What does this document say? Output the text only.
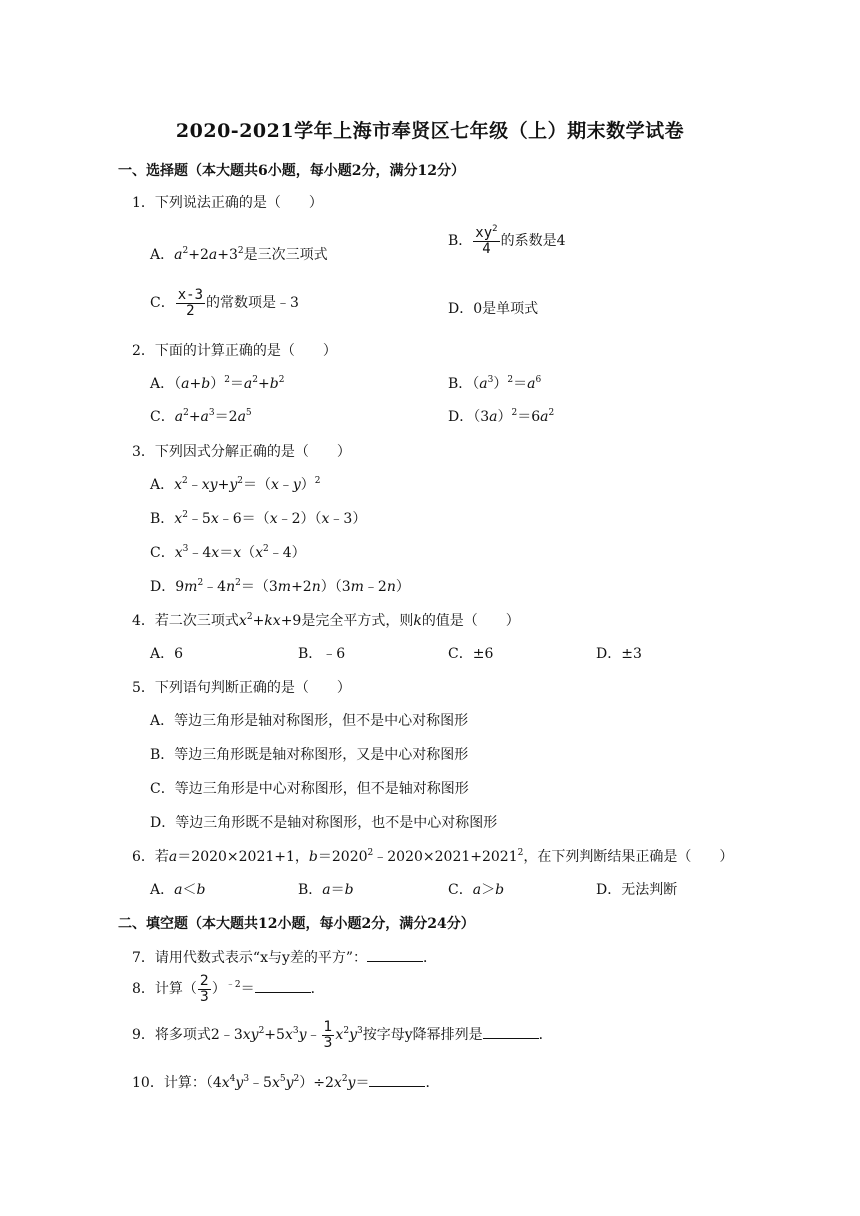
2020-2021学年上海市奉贤区七年级（上）期末数学试卷
一、选择题（本大题共6小题，每小题2分，满分12分）
1．下列说法正确的是（　　）
A．$a^2+2a+3^2$是三次三项式
B． $\frac{xy^2}{4}$ 的系数是4
C． $\frac{x-3}{2}$ 的常数项是﹣3	D．0是单项式
2．下面的计算正确的是（　　）
A．$(a+b)^2=a^2+b^2$	B．$(a^3)^2=a^6$
C．$a^2+a^3=2a^5$	D．$(3a)^2=6a^2$
3．下列因式分解正确的是（　　）
A．$x^2﹣xy+y^2=(x﹣y)^2$
B．$x^2﹣5x﹣6=(x﹣2)(x﹣3)$
C．$x^3﹣4x=x(x^2﹣4)$
D．$9m^2﹣4n^2=(3m+2n)(3m﹣2n)$
4．若二次三项式$x^2+kx+9$是完全平方式，则k的值是（　　）
A．6	B．﹣6	C．±6	D．±3
5．下列语句判断正确的是（　　）
A．等边三角形是轴对称图形，但不是中心对称图形
B．等边三角形既是轴对称图形，又是中心对称图形
C．等边三角形是中心对称图形，但不是轴对称图形
D．等边三角形既不是轴对称图形，也不是中心对称图形
6．若a＝2020×2021+1，$b=2020^2﹣2020\times 2021+2021^2$，在下列判断结果正确是（　　）
A．a＜b	B．a＝b	C．a＞b	D．无法判断
二、填空题（本大题共12小题，每小题2分，满分24分）
7．请用代数式表示“x与y差的平方”：	．
8．计算（ $\frac{2}{3} )^{﹣2}=$	．
9．将多项式$2﹣3xy^2+5x^3y﹣ \frac{1}{3} x^2y^3$按字母y降幂排列是	．
10．计算：$(4x^4y^3﹣5x^5y^2)\div 2x^2y=$	．
